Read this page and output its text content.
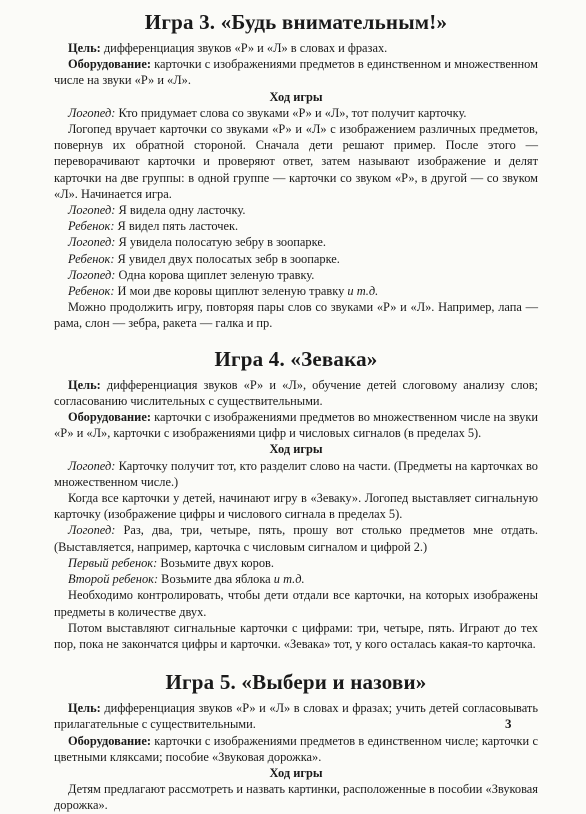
Игра 3. «Будь внимательным!»

Цель: дифференциация звуков «Р» и «Л» в словах и фразах.

Оборудование: карточки с изображениями предметов в единственном и множественном числе на звуки «Р» и «Л».

Ход игры

Логопед: Кто придумает слова со звуками «Р» и «Л», тот получит карточку.

Логопед вручает карточки со звуками «Р» и «Л» с изображением различных предметов, повернув их обратной стороной. Сначала дети решают пример. После этого — переворачивают карточки и проверяют ответ, затем называют изображение и делят карточки на две группы: в одной группе — карточки со звуком «Р», в другой — со звуком «Л». Начинается игра.

Логопед: Я видела одну ласточку.

Ребенок: Я видел пять ласточек.

Логопед: Я увидела полосатую зебру в зоопарке.

Ребенок: Я увидел двух полосатых зебр в зоопарке.

Логопед: Одна корова щиплет зеленую травку.

Ребенок: И мои две коровы щиплют зеленую травку и т.д.

Можно продолжить игру, повторяя пары слов со звуками «Р» и «Л». Например, лапа — рама, слон — зебра, ракета — галка и пр.

Игра 4. «Зевака»

Цель: дифференциация звуков «Р» и «Л», обучение детей слоговому анализу слов; согласованию числительных с существительными.

Оборудование: карточки с изображениями предметов во множественном числе на звуки «Р» и «Л», карточки с изображениями цифр и числовых сигналов (в пределах 5).

Ход игры

Логопед: Карточку получит тот, кто разделит слово на части. (Предметы на карточках во множественном числе.)

Когда все карточки у детей, начинают игру в «Зеваку». Логопед выставляет сигнальную карточку (изображение цифры и числового сигнала в пределах 5).

Логопед: Раз, два, три, четыре, пять, прошу вот столько предметов мне отдать. (Выставляется, например, карточка с числовым сигналом и цифрой 2.)

Первый ребенок: Возьмите двух коров.

Второй ребенок: Возьмите два яблока и т.д.

Необходимо контролировать, чтобы дети отдали все карточки, на которых изображены предметы в количестве двух.

Потом выставляют сигнальные карточки с цифрами: три, четыре, пять. Играют до тех пор, пока не закончатся цифры и карточки. «Зевака» тот, у кого осталась какая-то карточка.

Игра 5. «Выбери и назови»

Цель: дифференциация звуков «Р» и «Л» в словах и фразах; учить детей согласовывать прилагательные с существительными.

Оборудование: карточки с изображениями предметов в единственном числе; карточки с цветными кляксами; пособие «Звуковая дорожка».

Ход игры

Детям предлагают рассмотреть и назвать картинки, расположенные в пособии «Звуковая дорожка».

3
